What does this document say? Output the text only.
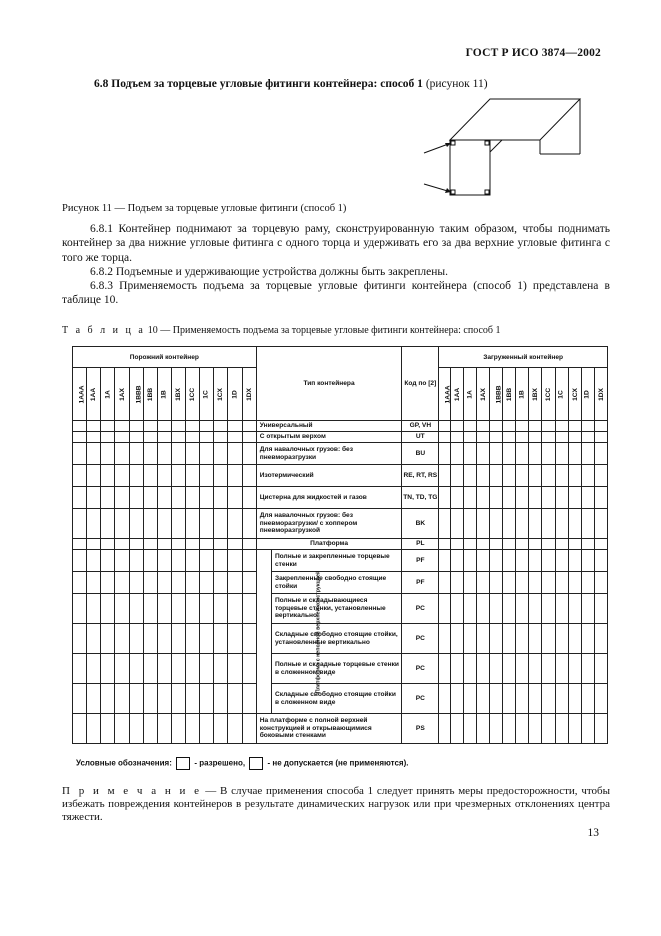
ГОСТ Р ИСО 3874—2002
6.8 Подъем за торцевые угловые фитинги контейнера: способ 1 (рисунок 11)
Рисунок 11 — Подъем за торцевые угловые фитинги (способ 1)

6.8.1 Контейнер поднимают за торцевую раму, сконструированную таким образом, чтобы поднимать контейнер за два нижние угловые фитинга с одного торца и удерживать его за два верхние угловые фитинга с того же торца.

6.8.2 Подъемные и удерживающие устройства должны быть закреплены.

6.8.3 Применяемость подъема за торцевые угловые фитинги контейнера (способ 1) представлена в таблице 10.

Т а б л и ц а 10 — Применяемость подъема за торцевые угловые фитинги контейнера: способ 1
Порожний контейнер													Тип контейнера		Код по [2]	Загруженный контейнер												
1AAA	1AA	1A	1AX	1BBB	1BB	1B	1BX	1CC	1C	1CX	1D	1DX				1AAA	1AA	1A	1AX	1BBB	1BB	1B	1BX	1CC	1C	1CX	1D	1DX
													Универсальный		GP, VH													
													С открытым верхом		UT													
													Для навалочных грузов: без пневморазгрузки		BU													
													Изотермический		RE, RT, RS													
													Цистерна для жидкостей и газов		TN, TD, TG													
													Для навалочных грузов: без пневморазгрузки/ с хоппером пневморазгрузкой		BK													
													Платформа		PL													
													Платформа с неполной верхней конструкцией	Полные и закрепленные торцевые стенки	PF													
														Закрепленные свободно стоящие стойки	PF													
														Полные и складывающиеся торцевые стенки, установленные вертикально	PC													
														Складные свободно стоящие стойки, установленные вертикально	PC													
														Полные и складные торцевые стенки в сложенном виде	PC													
														Складные свободно стоящие стойки в сложенном виде	PC													
													На платформе с полной верхней конструкцией и открывающимися боковыми стенками		PS													
Условные обозначения:	- разрешено,	- не допускается (не применяются).
П р и м е ч а н и е — В случае применения способа 1 следует принять меры предосторожности, чтобы избежать повреждения контейнеров в результате динамических нагрузок или при чрезмерных отклонениях центра тяжести.
13
